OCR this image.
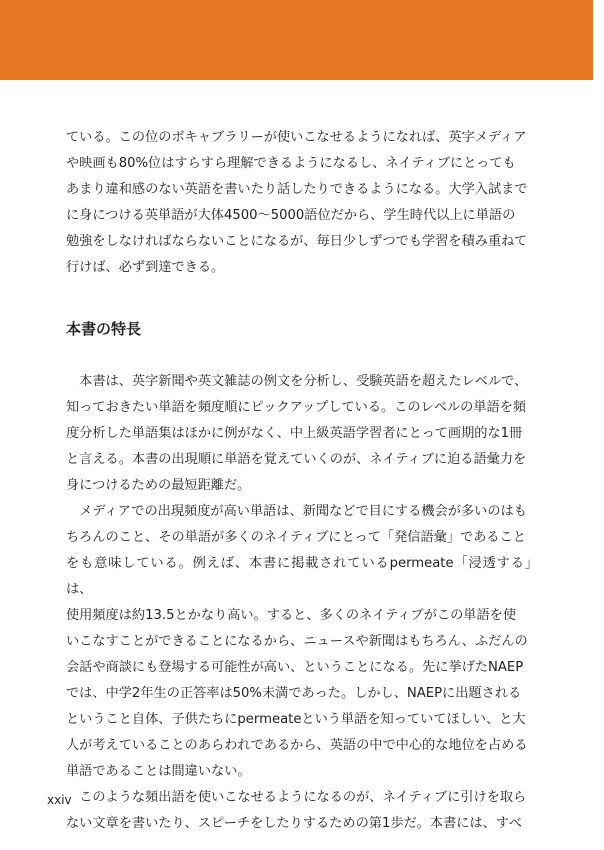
ている。この位のボキャブラリーが使いこなせるようになれば、英字メディア
や映画も80%位はすらすら理解できるようになるし、ネイティブにとっても
あまり違和感のない英語を書いたり話したりできるようになる。大学入試まで
に身につける英単語が大体4500〜5000語位だから、学生時代以上に単語の
勉強をしなければならないことになるが、毎日少しずつでも学習を積み重ねて
行けば、必ず到達できる。

本書の特長

　本書は、英字新聞や英文雑誌の例文を分析し、受験英語を超えたレベルで、
知っておきたい単語を頻度順にピックアップしている。このレベルの単語を頻
度分析した単語集はほかに例がなく、中上級英語学習者にとって画期的な1冊
と言える。本書の出現順に単語を覚えていくのが、ネイティブに迫る語彙力を
身につけるための最短距離だ。
　メディアでの出現頻度が高い単語は、新聞などで目にする機会が多いのはも
ちろんのこと、その単語が多くのネイティブにとって「発信語彙」であること
をも意味している。例えば、本書に掲載されているpermeate「浸透する」は、
使用頻度は約13.5とかなり高い。すると、多くのネイティブがこの単語を使
いこなすことができることになるから、ニュースや新聞はもちろん、ふだんの
会話や商談にも登場する可能性が高い、ということになる。先に挙げたNAEP
では、中学2年生の正答率は50%未満であった。しかし、NAEPに出題される
ということ自体、子供たちにpermeateという単語を知っていてほしい、と大
人が考えていることのあらわれであるから、英語の中で中心的な地位を占める
単語であることは間違いない。
　このような頻出語を使いこなせるようになるのが、ネイティブに引けを取ら
ない文章を書いたり、スピーチをしたりするための第1歩だ。本書には、すべ

xxiv
